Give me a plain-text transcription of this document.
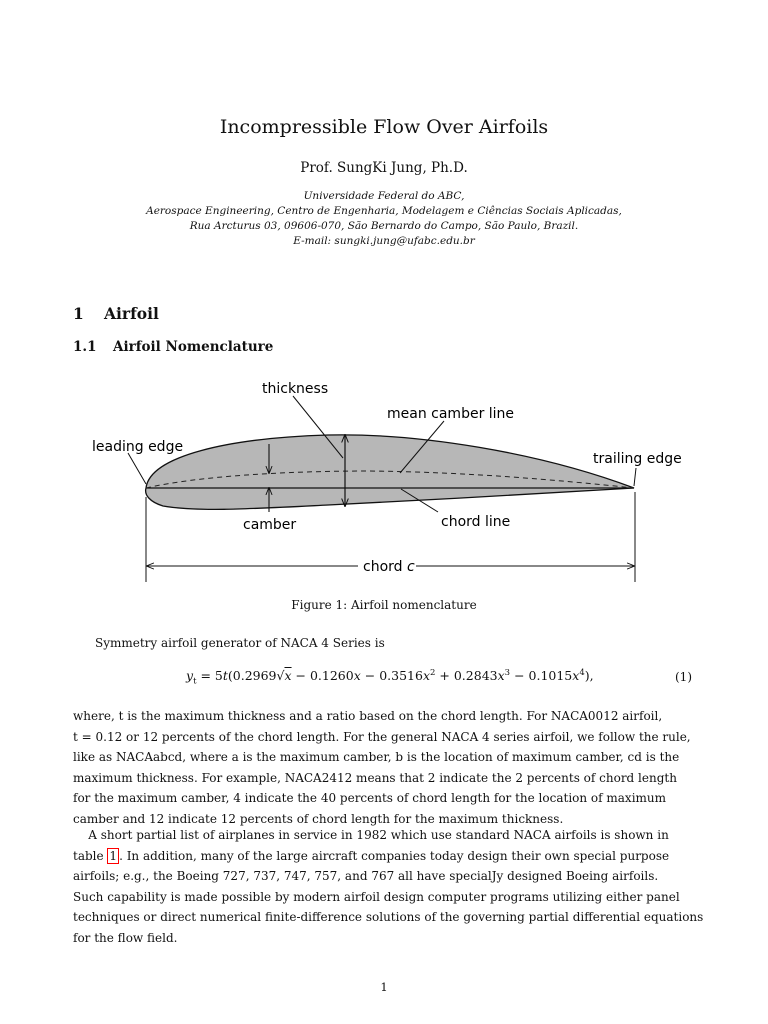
Incompressible Flow Over Airfoils
Prof. SungKi Jung, Ph.D.
Universidade Federal do ABC,
Aerospace Engineering, Centro de Engenharia, Modelagem e Ciências Sociais Aplicadas,
Rua Arcturus 03, 09606-070, São Bernardo do Campo, São Paulo, Brazil.
E-mail: sungki.jung@ufabc.edu.br
1 Airfoil
1.1 Airfoil Nomenclature
thickness
mean camber line
leading edge
trailing edge
camber	chord line
chord c
Figure 1: Airfoil nomenclature
Symmetry airfoil generator of NACA 4 Series is
$y_t = 5t(0.2969√x - 0.1260x - 0.3516x^2 + 0.2843x^3 - 0.1015x^4)$,	(1)
where, t is the maximum thickness and a ratio based on the chord length. For NACA0012 airfoil,
t = 0.12 or 12 percents of the chord length. For the general NACA 4 series airfoil, we follow the rule,
like as NACAabcd, where a is the maximum camber, b is the location of maximum camber, cd is the
maximum thickness. For example, NACA2412 means that 2 indicate the 2 percents of chord length
for the maximum camber, 4 indicate the 40 percents of chord length for the location of maximum
camber and 12 indicate 12 percents of chord length for the maximum thickness.
A short partial list of airplanes in service in 1982 which use standard NACA airfoils is shown in
table 1 . In addition, many of the large aircraft companies today design their own special purpose
airfoils; e.g., the Boeing 727, 737, 747, 757, and 767 all have specialJy designed Boeing airfoils.
Such capability is made possible by modern airfoil design computer programs utilizing either panel
techniques or direct numerical finite-difference solutions of the governing partial differential equations
for the flow field.
1
